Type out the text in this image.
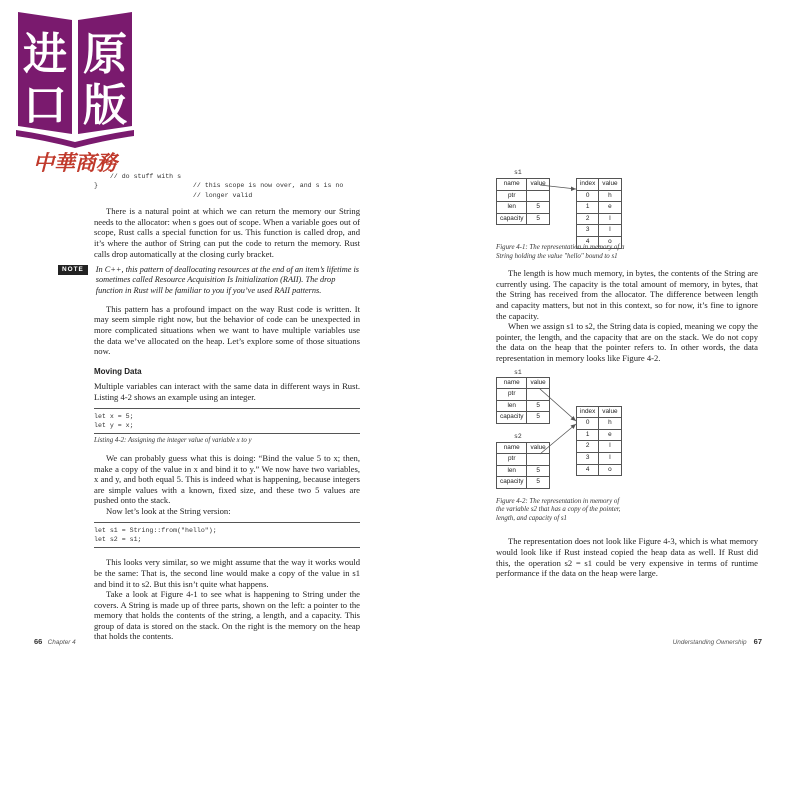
进 原
口 版
中華商務
// do stuff with s
}                        // this scope is now over, and s is no
// longer valid

There is a natural point at which we can return the memory our String needs to the allocator: when s goes out of scope. When a variable goes out of scope, Rust calls a special function for us. This function is called drop, and it’s where the author of String can put the code to return the memory. Rust calls drop automatically at the closing curly bracket.

NOTE	In C++, this pattern of deallocating resources at the end of an item’s lifetime is sometimes called Resource Acquisition Is Initialization (RAII). The drop function in Rust will be familiar to you if you’ve used RAII patterns.

This pattern has a profound impact on the way Rust code is written. It may seem simple right now, but the behavior of code can be unexpected in more complicated situations when we want to have multiple variables use the data we’ve allocated on the heap. Let’s explore some of those situations now.

Moving Data

Multiple variables can interact with the same data in different ways in Rust. Listing 4-2 shows an example using an integer.

let x = 5;
let y = x;
Listing 4-2: Assigning the integer value of variable x to y

We can probably guess what this is doing: “Bind the value 5 to x; then, make a copy of the value in x and bind it to y.” We now have two variables, x and y, and both equal 5. This is indeed what is happening, because integers are simple values with a known, fixed size, and these two 5 values are pushed onto the stack.

Now let’s look at the String version:

let s1 = String::from("hello");
let s2 = s1;

This looks very similar, so we might assume that the way it works would be the same: That is, the second line would make a copy of the value in s1 and bind it to s2. But this isn’t quite what happens.

Take a look at Figure 4-1 to see what is happening to String under the covers. A String is made up of three parts, shown on the left: a pointer to the memory that holds the contents of the string, a length, and a capacity. This group of data is stored on the stack. On the right is the memory on the heap that holds the contents.

s1
name	value
ptr	
len	5
capacity	5
index	value
0	h
1	e
2	l
3	l
4	o
Figure 4-1: The representation in memory of a String holding the value "hello" bound to s1

The length is how much memory, in bytes, the contents of the String are currently using. The capacity is the total amount of memory, in bytes, that the String has received from the allocator. The difference between length and capacity matters, but not in this context, so for now, it’s fine to ignore the capacity.

When we assign s1 to s2, the String data is copied, meaning we copy the pointer, the length, and the capacity that are on the stack. We do not copy the data on the heap that the pointer refers to. In other words, the data representation in memory looks like Figure 4-2.

s1
name	value
ptr	
len	5
capacity	5
index	value
0	h
1	e
2	l
3	l
4	o
s2
name	value
ptr	
len	5
capacity	5
Figure 4-2: The representation in memory of the variable s2 that has a copy of the pointer, length, and capacity of s1

The representation does not look like Figure 4-3, which is what memory would look like if Rust instead copied the heap data as well. If Rust did this, the operation s2 = s1 could be very expensive in terms of runtime performance if the data on the heap were large.

66 Chapter 4	Understanding Ownership 67
